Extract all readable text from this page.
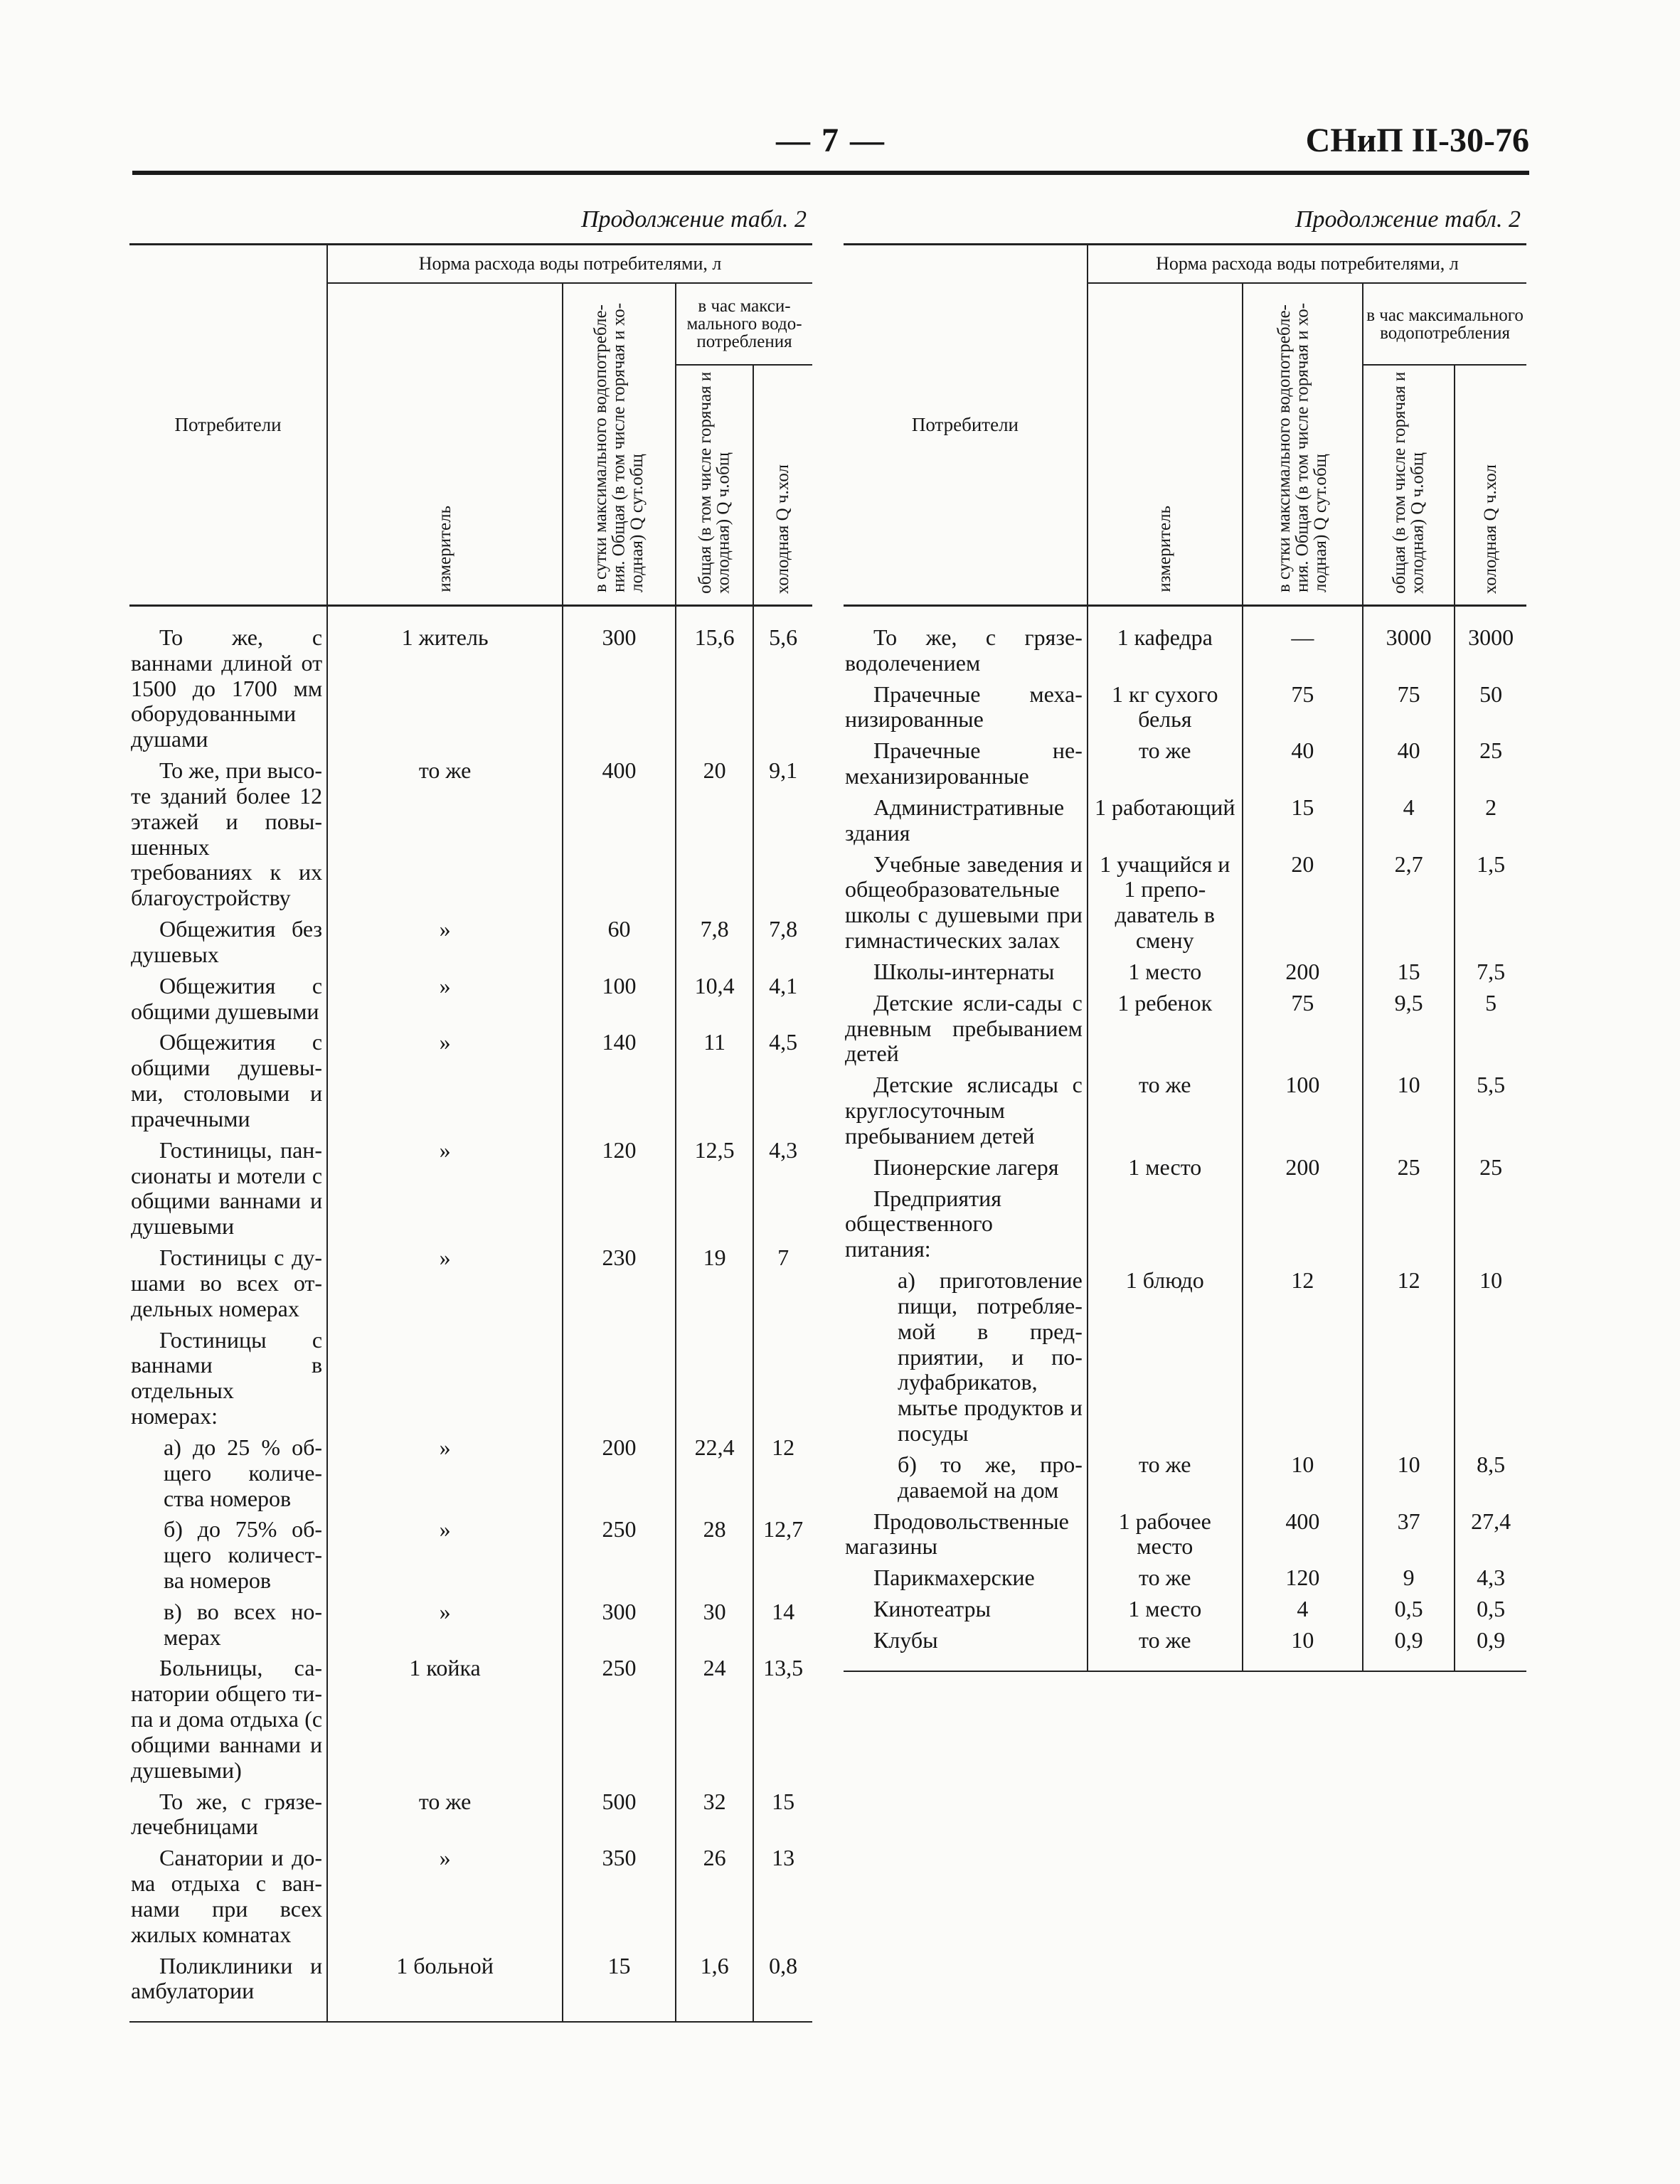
— 7 —	СНиП II-30-76
Продолжение табл. 2
Потребители	Норма расхода воды потребителями, л			
	измеритель	в сутки максимального водопотребления. Общая (в том числе горячая и холодная) Q сут.общ	в час максимального водопотребления	
			общая (в том числе горячая и холодная) Q ч.общ	холодная Q ч.хол
То же, с ваннами длиной от 1500 до 1700 мм оборудованными душами	1 житель	300	15,6	5,6
То же, при высоте зданий более 12 этажей и повышенных требованиях к их благоустройству	то же	400	20	9,1
Общежития без душевых	»	60	7,8	7,8
Общежития с общими душевыми	»	100	10,4	4,1
Общежития с общими душевыми, столовыми и прачечными	»	140	11	4,5
Гостиницы, пансионаты и мотели с общими ваннами и душевыми	»	120	12,5	4,3
Гостиницы с душами во всех отдельных номерах	»	230	19	7
Гостиницы с ваннами в отдельных номерах:				
а) до 25 % общего количества номеров	»	200	22,4	12
б) до 75% общего количества номеров	»	250	28	12,7
в) во всех номерах	»	300	30	14
Больницы, санатории общего типа и дома отдыха (с общими ваннами и душевыми)	1 койка	250	24	13,5
То же, с грязелечебницами	то же	500	32	15
Санатории и дома отдыха с ваннами при всех жилых комнатах	»	350	26	13
Поликлиники и амбулатории	1 больной	15	1,6	0,8
Продолжение табл. 2
Потребители	Норма расхода воды потребителями, л			
	измеритель	в сутки максимального водопотребления. Общая (в том числе горячая и холодная) Q сут.общ	в час максимального водопотребления	
			общая (в том числе горячая и холодная) Q ч.общ	холодная Q ч.хол
То же, с грязеводолечением	1 кафедра	—	3000	3000
Прачечные механизированные	1 кг сухого белья	75	75	50
Прачечные немеханизированные	то же	40	40	25
Административные здания	1 работающий	15	4	2
Учебные заведения и общеобразовательные школы с душевыми при гимнастических залах	1 учащийся и 1 преподаватель в смену	20	2,7	1,5
Школы-интернаты	1 место	200	15	7,5
Детские ясли-сады с дневным пребыванием детей	1 ребенок	75	9,5	5
Детские яслисады с круглосуточным пребыванием детей	то же	100	10	5,5
Пионерские лагеря	1 место	200	25	25
Предприятия общественного питания:				
а) приготовление пищи, потребляемой в предприятии, и полуфабрикатов, мытье продуктов и посуды	1 блюдо	12	12	10
б) то же, продаваемой на дом	то же	10	10	8,5
Продовольственные магазины	1 рабочее место	400	37	27,4
Парикмахерские	то же	120	9	4,3
Кинотеатры	1 место	4	0,5	0,5
Клубы	то же	10	0,9	0,9
